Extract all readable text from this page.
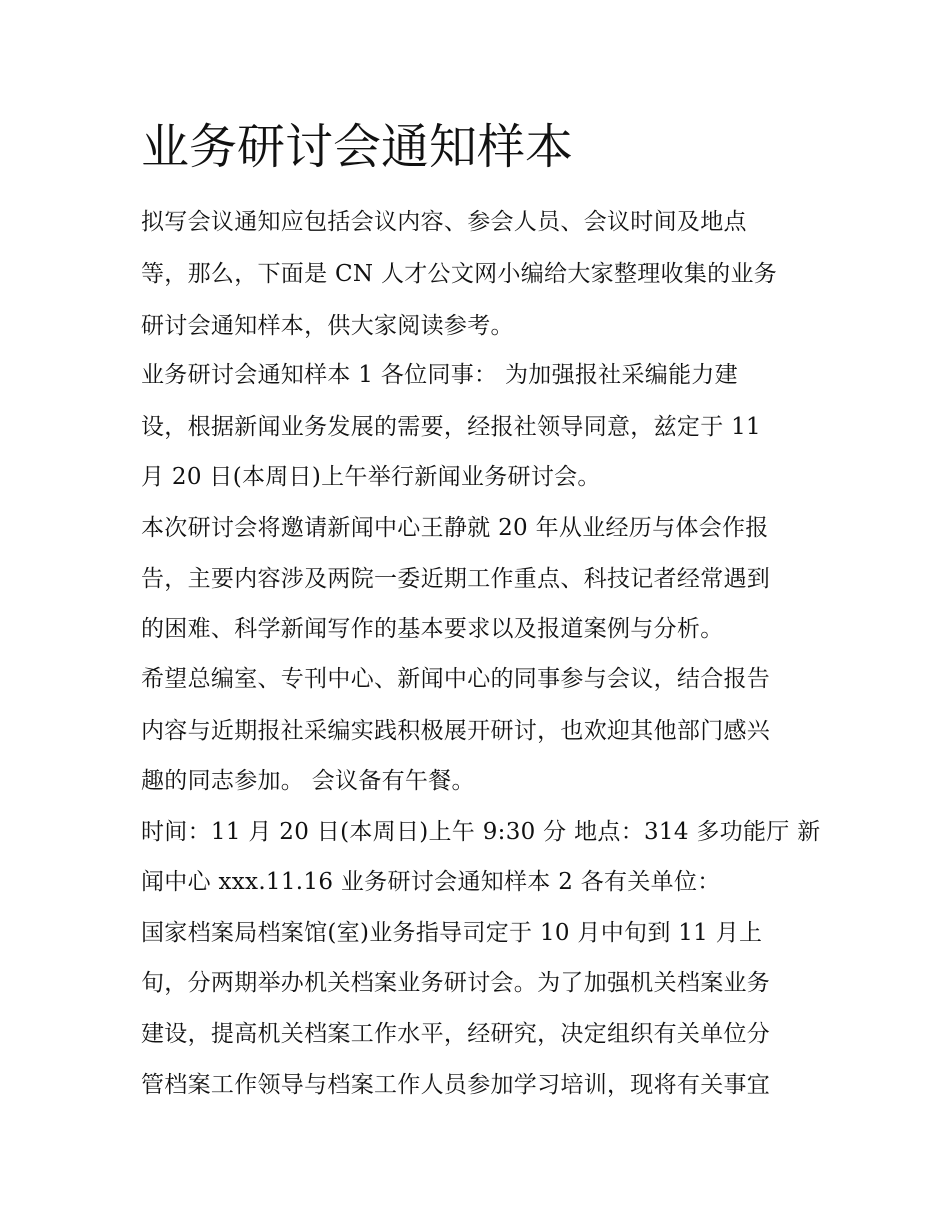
业务研讨会通知样本

拟写会议通知应包括会议内容、参会人员、会议时间及地点

等，那么，下面是 CN 人才公文网小编给大家整理收集的业务

研讨会通知样本，供大家阅读参考。

业务研讨会通知样本 1 各位同事： 为加强报社采编能力建

设，根据新闻业务发展的需要，经报社领导同意，兹定于 11

月 20 日(本周日)上午举行新闻业务研讨会。

本次研讨会将邀请新闻中心王静就 20 年从业经历与体会作报

告，主要内容涉及两院一委近期工作重点、科技记者经常遇到

的困难、科学新闻写作的基本要求以及报道案例与分析。

希望总编室、专刊中心、新闻中心的同事参与会议，结合报告

内容与近期报社采编实践积极展开研讨，也欢迎其他部门感兴

趣的同志参加。 会议备有午餐。

时间：11 月 20 日(本周日)上午 9:30 分 地点：314 多功能厅 新

闻中心 xxx.11.16 业务研讨会通知样本 2 各有关单位：

国家档案局档案馆(室)业务指导司定于 10 月中旬到 11 月上

旬，分两期举办机关档案业务研讨会。为了加强机关档案业务

建设，提高机关档案工作水平，经研究，决定组织有关单位分

管档案工作领导与档案工作人员参加学习培训，现将有关事宜
